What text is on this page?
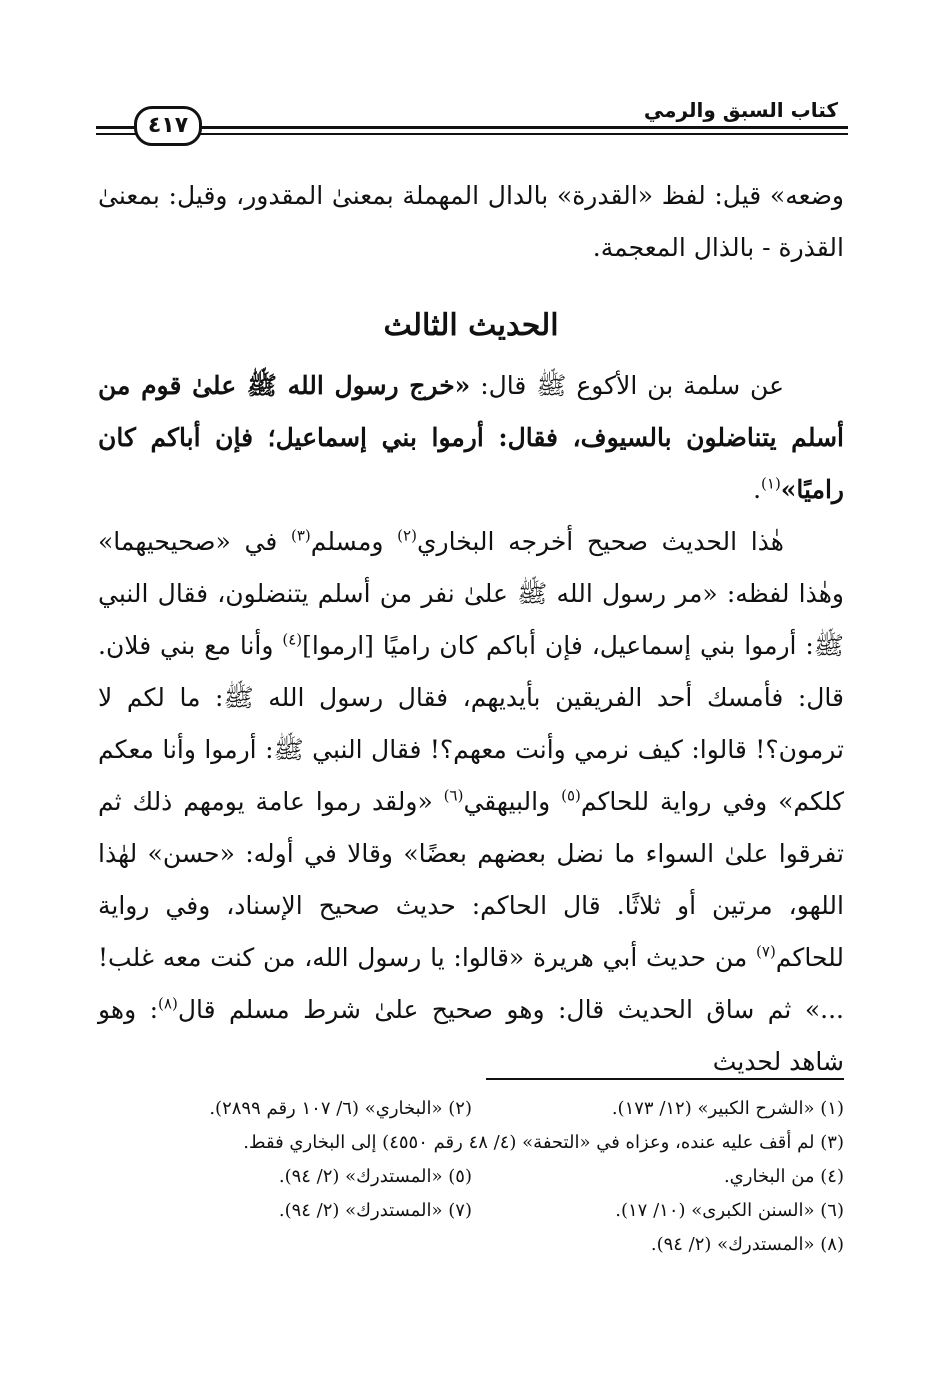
كتاب السبق والرمي
٤١٧

وضعه» قيل: لفظ «القدرة» بالدال المهملة بمعنىٰ المقدور، وقيل: بمعنىٰ القذرة - بالذال المعجمة.

الحديث الثالث

عن سلمة بن الأكوع ﷺ قال: «خرج رسول الله ﷺ علىٰ قوم من أسلم يتناضلون بالسيوف، فقال: أرموا بني إسماعيل؛ فإن أباكم كان راميًا»$^{(١)}$.

هٰذا الحديث صحيح أخرجه البخاري$^{(٢)}$ ومسلم$^{(٣)}$ في «صحيحيهما» وهٰذا لفظه: «مر رسول الله ﷺ علىٰ نفر من أسلم يتنضلون، فقال النبي ﷺ: أرموا بني إسماعيل، فإن أباكم كان راميًا [ارموا]$^{(٤)}$ وأنا مع بني فلان. قال: فأمسك أحد الفريقين بأيديهم، فقال رسول الله ﷺ: ما لكم لا ترمون؟! قالوا: كيف نرمي وأنت معهم؟! فقال النبي ﷺ: أرموا وأنا معكم كلكم» وفي رواية للحاكم$^{(٥)}$ والبيهقي$^{(٦)}$ «ولقد رموا عامة يومهم ذلك ثم تفرقوا علىٰ السواء ما نضل بعضهم بعضًا» وقالا في أوله: «حسن» لهٰذا اللهو، مرتين أو ثلاثًا. قال الحاكم: حديث صحيح الإسناد، وفي رواية للحاكم$^{(٧)}$ من حديث أبي هريرة «قالوا: يا رسول الله، من كنت معه غلب! ...» ثم ساق الحديث قال: وهو صحيح علىٰ شرط مسلم قال$^{(٨)}$: وهو شاهد لحديث

(١) «الشرح الكبير» (١٢/ ١٧٣).
(٢) «البخاري» (٦/ ١٠٧ رقم ٢٨٩٩).
(٣) لم أقف عليه عنده، وعزاه في «التحفة» (٤/ ٤٨ رقم ٤٥٥٠) إلى البخاري فقط.
(٤) من البخاري.
(٥) «المستدرك» (٢/ ٩٤).
(٦) «السنن الكبرى» (١٠/ ١٧).
(٧) «المستدرك» (٢/ ٩٤).
(٨) «المستدرك» (٢/ ٩٤).
